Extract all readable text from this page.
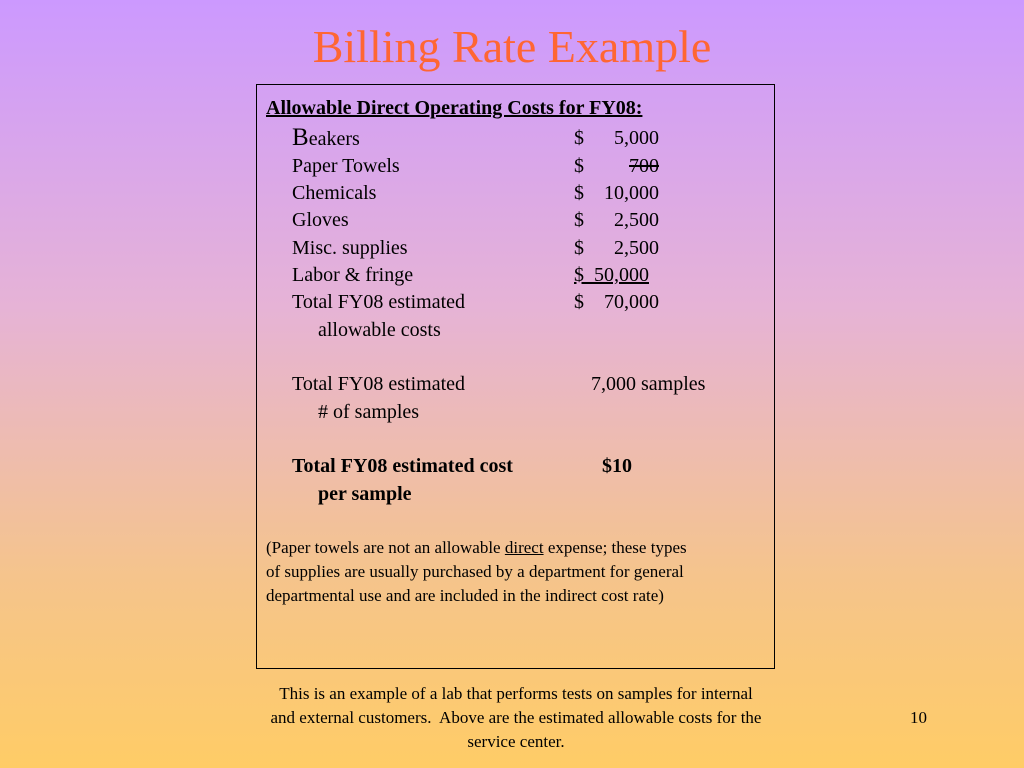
Billing Rate Example
Allowable Direct Operating Costs for FY08:
Beakers	$	5,000
Paper Towels	$	700
Chemicals	$	10,000
Gloves	$	2,500
Misc. supplies	$	2,500
Labor & fringe	$  50,000
Total FY08 estimated	$	70,000
allowable costs
Total FY08 estimated	7,000 samples
# of samples
Total FY08 estimated cost	$10
per sample
(Paper towels are not an allowable direct expense; these types
of supplies are usually purchased by a department for general
departmental use and are included in the indirect cost rate)
This is an example of a lab that performs tests on samples for internal
and external customers.  Above are the estimated allowable costs for the
service center.
10
